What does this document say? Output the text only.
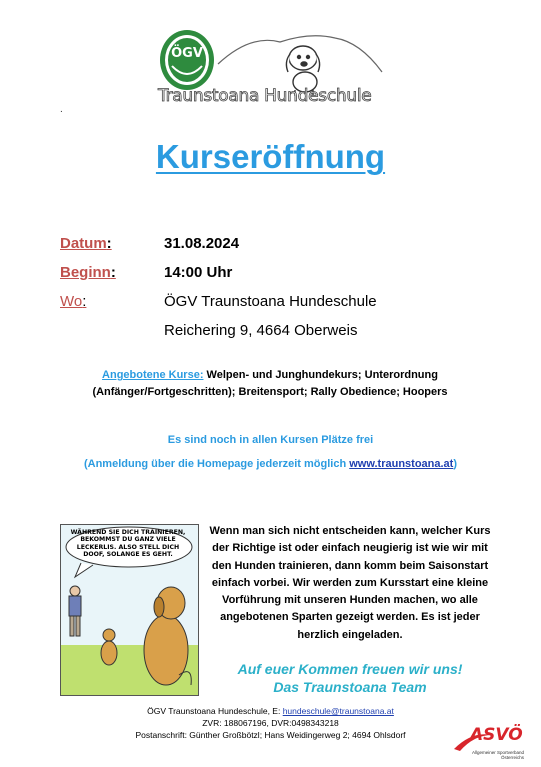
ÖGV
Traunstoana Hundeschule
.
Kurseröffnung
Datum:	31.08.2024
Beginn:	14:00 Uhr
Wo:	ÖGV Traunstoana Hundeschule
Reichering 9, 4664 Oberweis
Angebotene Kurse: Welpen- und Junghundekurs; Unterordnung (Anfänger/Fortgeschritten); Breitensport; Rally Obedience; Hoopers
Es sind noch in allen Kursen Plätze frei
(Anmeldung über die Homepage jederzeit möglich www.traunstoana.at)
WÄHREND SIE DICH TRAINIEREN, BEKOMMST DU GANZ VIELE LECKERLIS. ALSO STELL DICH DOOF, SOLANGE ES GEHT.
Wenn man sich nicht entscheiden kann, welcher Kurs der Richtige ist oder einfach neugierig ist wie wir mit den Hunden trainieren, dann komm beim Saisonstart einfach vorbei. Wir werden zum Kursstart eine kleine Vorführung mit unseren Hunden machen, wo alle angebotenen Sparten gezeigt werden. Es ist jeder herzlich eingeladen.
Auf euer Kommen freuen wir uns!
Das Traunstoana Team
ÖGV Traunstoana Hundeschule, E: hundeschule@traunstoana.at
ZVR: 188067196, DVR:0498343218
Postanschrift: Günther Großbötzl; Hans Weidingerweg 2; 4694 Ohlsdorf	ASVÖ
Allgemeiner Sportverband
Österreichs
